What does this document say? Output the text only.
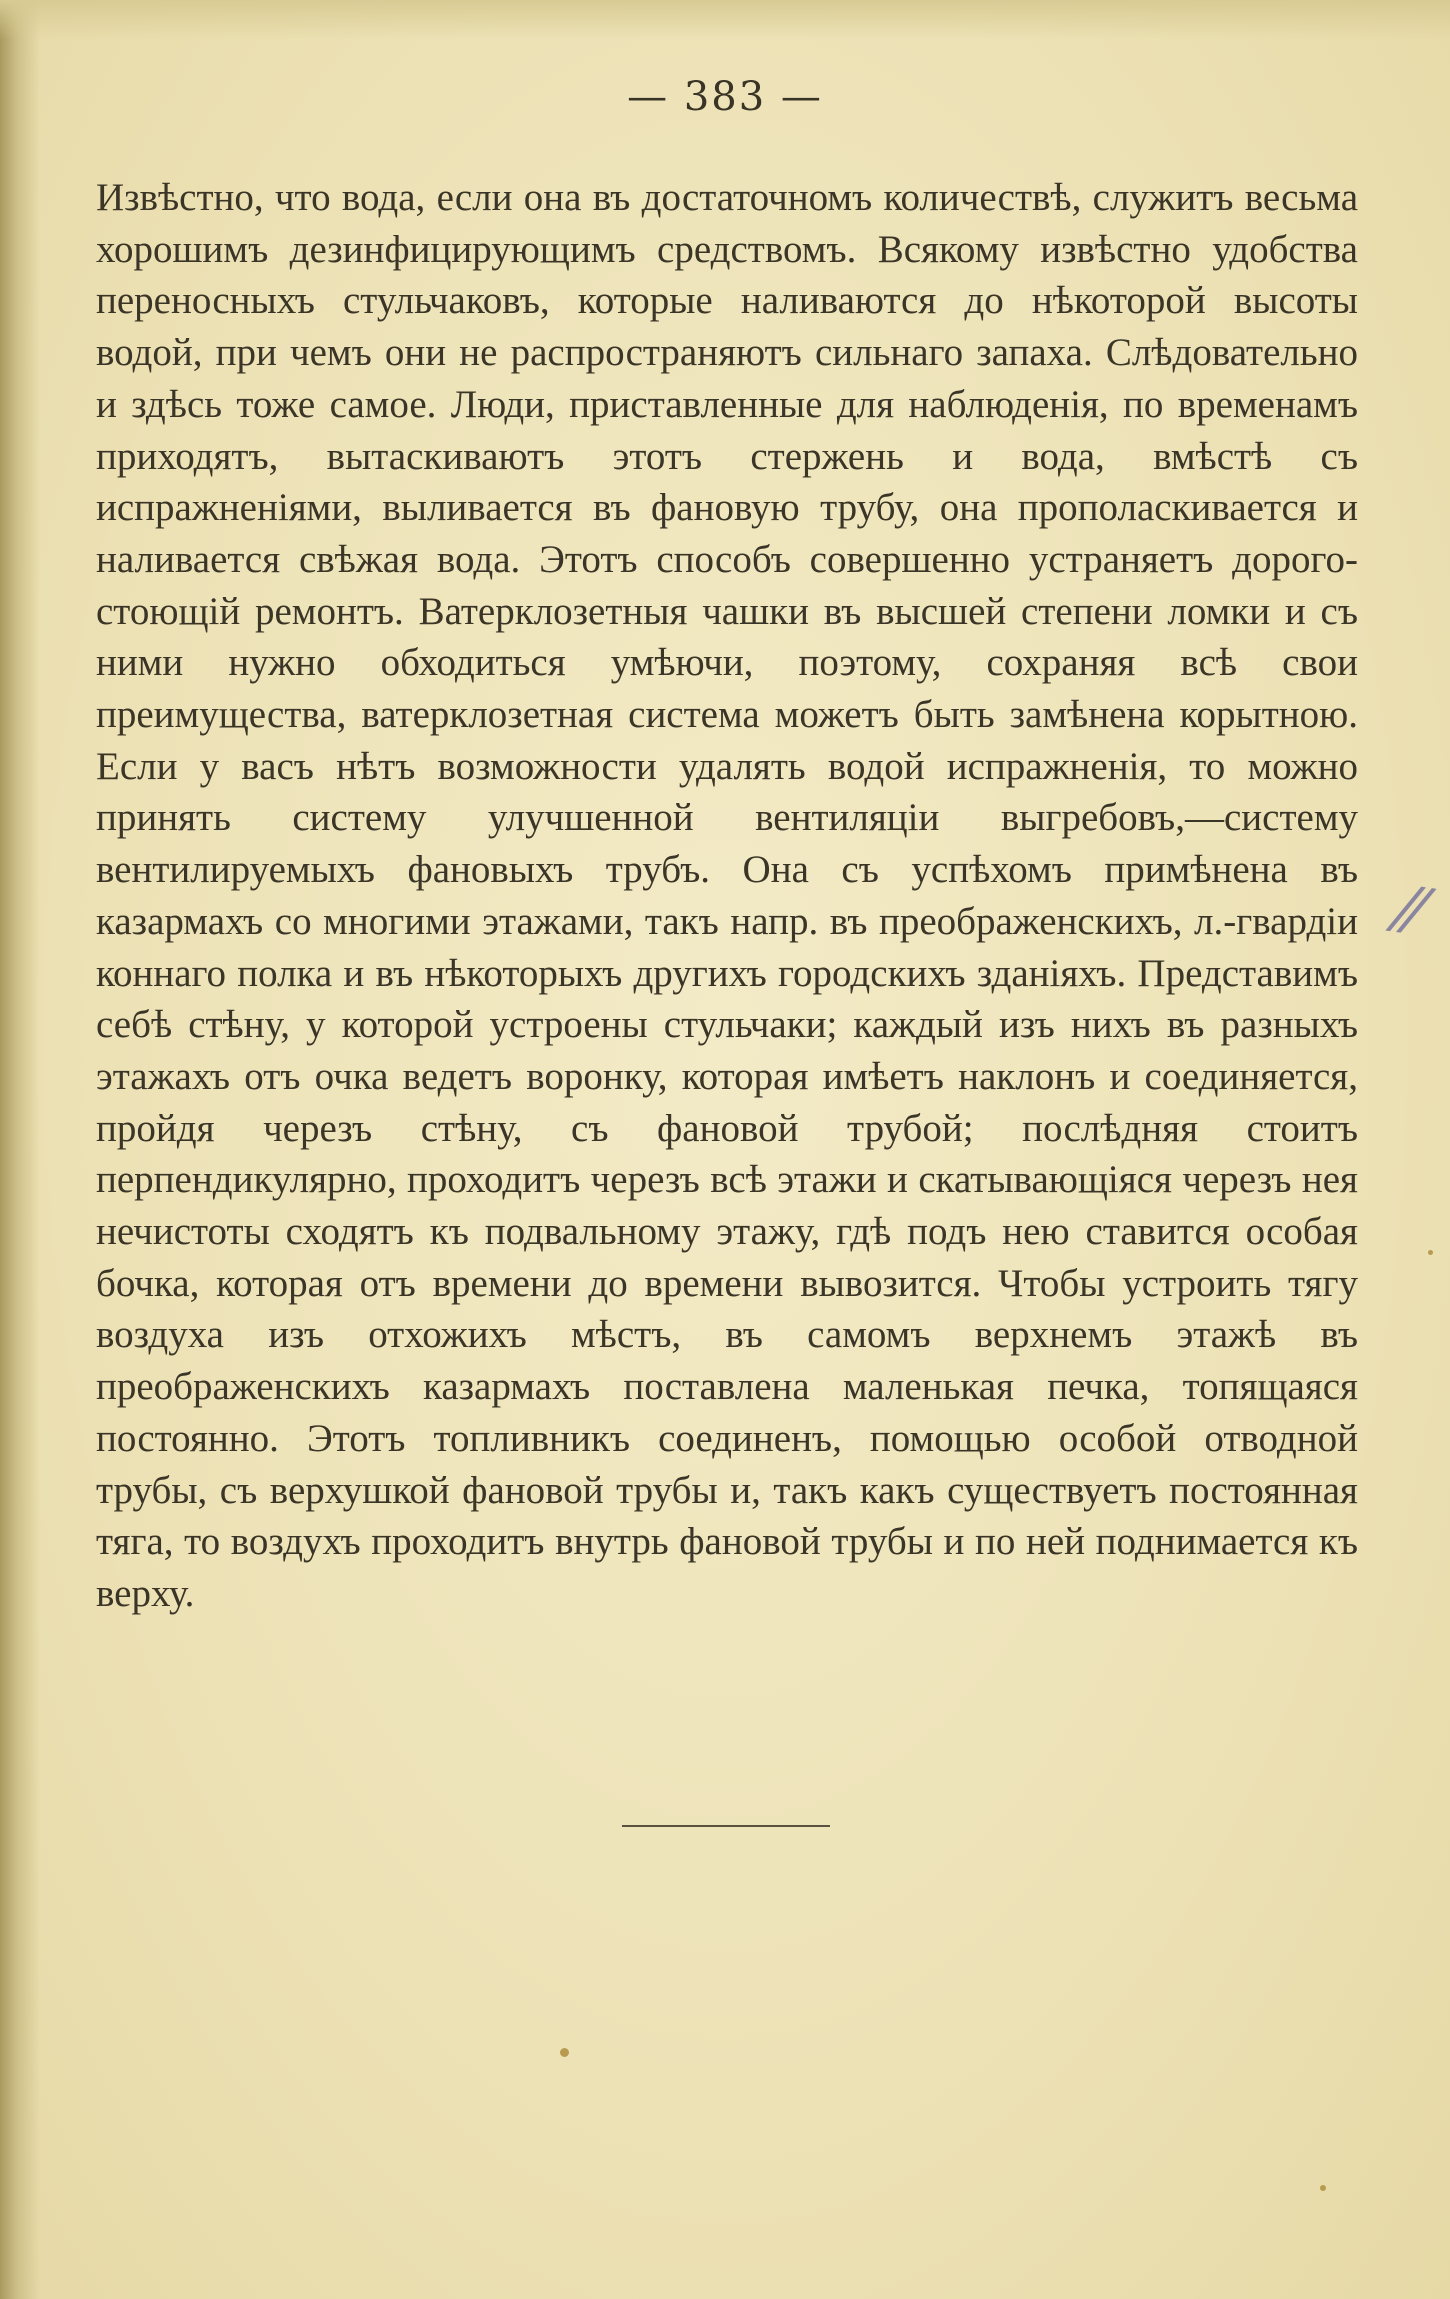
— 383 —

Извѣстно, что вода, если она въ достаточномъ количествѣ, служитъ весьма хорошимъ дезинфицирующимъ средствомъ. Всякому извѣстно удобства переносныхъ стульчаковъ, которые наливаются до нѣкоторой высоты водой, при чемъ они не распространяютъ сильнаго запаха. Слѣдовательно и здѣсь тоже самое. Люди, приставленные для наблюденія, по временамъ приходятъ, вытаскиваютъ этотъ стержень и вода, вмѣстѣ съ испражненіями, выливается въ фановую трубу, она прополаскивается и наливается свѣжая вода. Этотъ способъ совершенно устраняетъ дорого-стоющій ремонтъ. Ватерклозетныя чашки въ высшей степени ломки и съ ними нужно обходиться умѣючи, поэтому, сохраняя всѣ свои преимущества, ватерклозетная система можетъ быть замѣнена корытною. Если у васъ нѣтъ возможности удалять водой испражненія, то можно принять систему улучшенной вентиляціи выгребовъ,—систему вентилируемыхъ фановыхъ трубъ. Она съ успѣхомъ примѣнена въ казармахъ со многими этажами, такъ напр. въ преображенскихъ, л.-гвардіи коннаго полка и въ нѣкоторыхъ другихъ городскихъ зданіяхъ. Представимъ себѣ стѣну, у которой устроены стульчаки; каждый изъ нихъ въ разныхъ этажахъ отъ очка ведетъ воронку, которая имѣетъ наклонъ и соединяется, пройдя черезъ стѣну, съ фановой трубой; послѣдняя стоитъ перпендикулярно, проходитъ черезъ всѣ этажи и скатывающіяся черезъ нея нечистоты сходятъ къ подвальному этажу, гдѣ подъ нею ставится особая бочка, которая отъ времени до времени вывозится. Чтобы устроить тягу воздуха изъ отхожихъ мѣстъ, въ самомъ верхнемъ этажѣ въ преображенскихъ казармахъ поставлена маленькая печка, топящаяся постоянно. Этотъ топливникъ соединенъ, помощью особой отводной трубы, съ верхушкой фановой трубы и, такъ какъ существуетъ постоянная тяга, то воздухъ проходитъ внутрь фановой трубы и по ней поднимается къ верху.

⁄⁄
